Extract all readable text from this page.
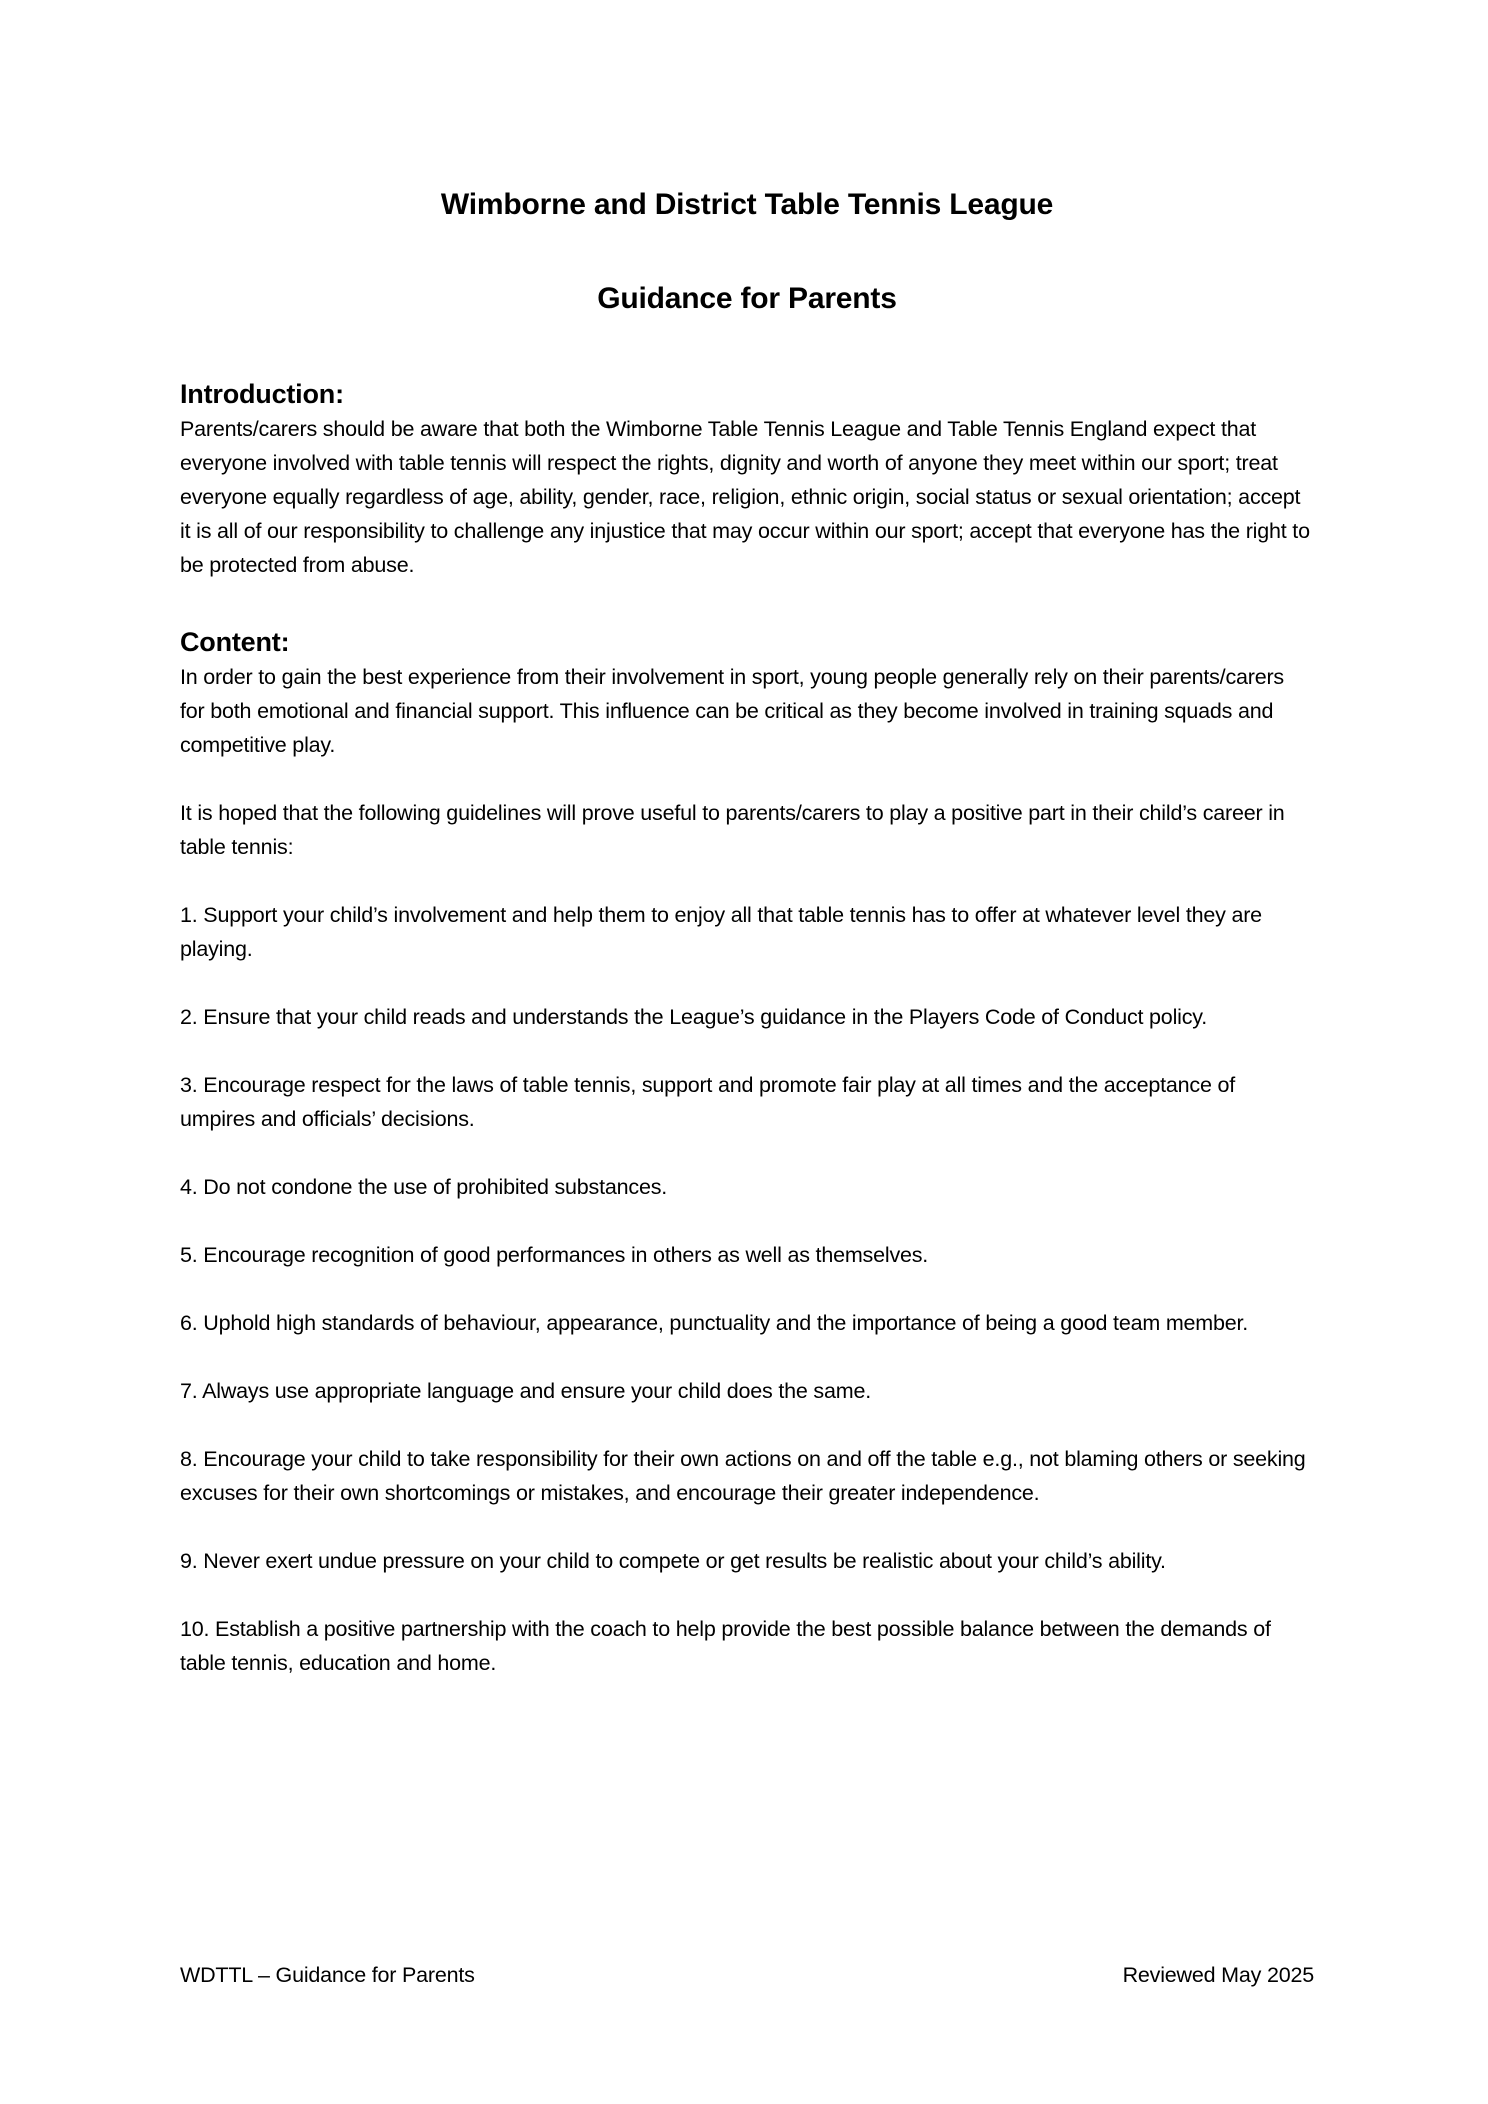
Wimborne and District Table Tennis League
Guidance for Parents
Introduction:
Parents/carers should be aware that both the Wimborne Table Tennis League and Table Tennis England expect that everyone involved with table tennis will respect the rights, dignity and worth of anyone they meet within our sport; treat everyone equally regardless of age, ability, gender, race, religion, ethnic origin, social status or sexual orientation; accept it is all of our responsibility to challenge any injustice that may occur within our sport; accept that everyone has the right to be protected from abuse.
Content:
In order to gain the best experience from their involvement in sport, young people generally rely on their parents/carers for both emotional and financial support. This influence can be critical as they become involved in training squads and competitive play.
It is hoped that the following guidelines will prove useful to parents/carers to play a positive part in their child’s career in table tennis:
1. Support your child’s involvement and help them to enjoy all that table tennis has to offer at whatever level they are playing.
2. Ensure that your child reads and understands the League’s guidance in the Players Code of Conduct policy.
3. Encourage respect for the laws of table tennis, support and promote fair play at all times and the acceptance of umpires and officials’ decisions.
4. Do not condone the use of prohibited substances.
5. Encourage recognition of good performances in others as well as themselves.
6. Uphold high standards of behaviour, appearance, punctuality and the importance of being a good team member.
7. Always use appropriate language and ensure your child does the same.
8. Encourage your child to take responsibility for their own actions on and off the table e.g., not blaming others or seeking excuses for their own shortcomings or mistakes, and encourage their greater independence.
9. Never exert undue pressure on your child to compete or get results be realistic about your child’s ability.
10. Establish a positive partnership with the coach to help provide the best possible balance between the demands of table tennis, education and home.
WDTTL – Guidance for Parents	Reviewed May 2025
